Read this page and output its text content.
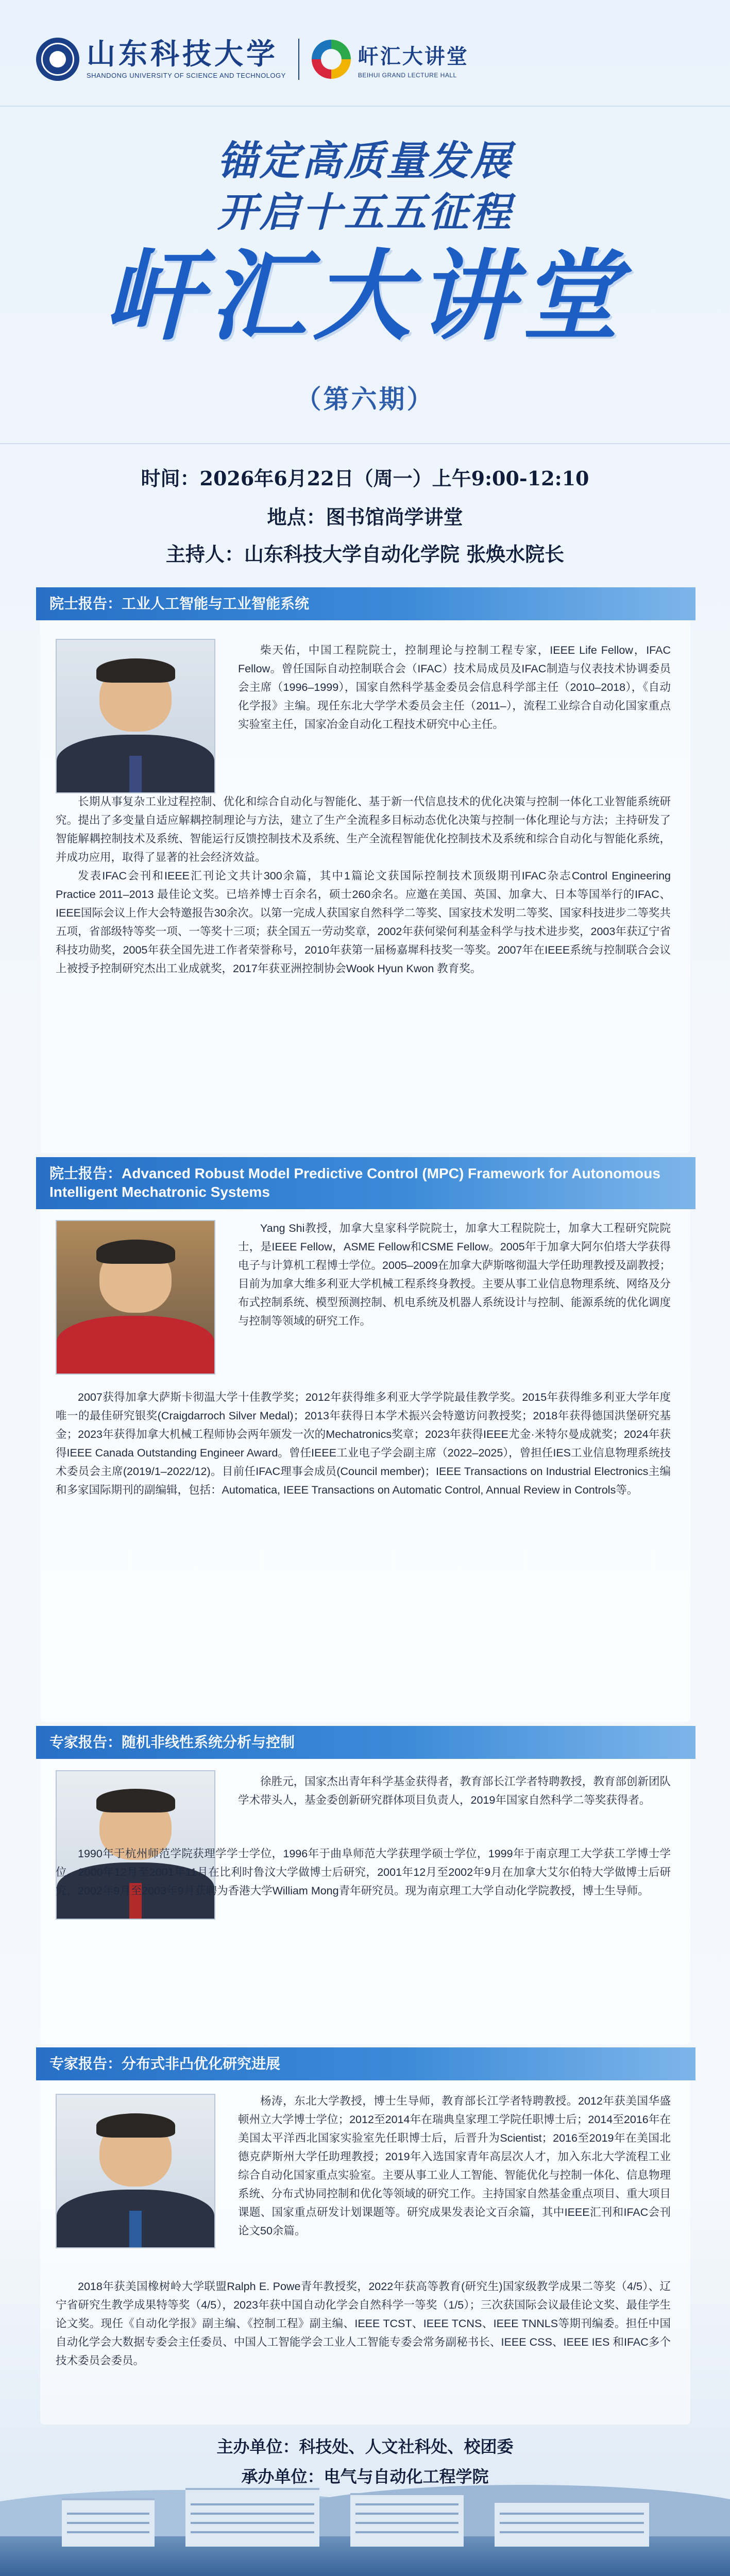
山东科技大学
SHANDONG UNIVERSITY OF SCIENCE AND TECHNOLOGY
屽汇大讲堂
BEIHUI GRAND LECTURE HALL
锚定高质量发展
开启十五五征程
屽汇大讲堂
（第六期）
时间：2026年6月22日（周一）上午9:00-12:10
地点：图书馆尚学讲堂
主持人：山东科技大学自动化学院 张焕水院长
院士报告：工业人工智能与工业智能系统

柴天佑，中国工程院院士，控制理论与控制工程专家，IEEE Life Fellow，IFAC Fellow。曾任国际自动控制联合会（IFAC）技术局成员及IFAC制造与仪表技术协调委员会主席（1996–1999），国家自然科学基金委员会信息科学部主任（2010–2018），《自动化学报》主编。现任东北大学学术委员会主任（2011–），流程工业综合自动化国家重点实验室主任，国家冶金自动化工程技术研究中心主任。

长期从事复杂工业过程控制、优化和综合自动化与智能化、基于新一代信息技术的优化决策与控制一体化工业智能系统研究。提出了多变量自适应解耦控制理论与方法，建立了生产全流程多目标动态优化决策与控制一体化理论与方法；主持研发了智能解耦控制技术及系统、智能运行反馈控制技术及系统、生产全流程智能优化控制技术及系统和综合自动化与智能化系统，并成功应用，取得了显著的社会经济效益。

发表IFAC会刊和IEEE汇刊论文共计300余篇，其中1篇论文获国际控制技术顶级期刊IFAC杂志Control Engineering Practice 2011–2013 最佳论文奖。已培养博士百余名，硕士260余名。应邀在美国、英国、加拿大、日本等国举行的IFAC、IEEE国际会议上作大会特邀报告30余次。以第一完成人获国家自然科学二等奖、国家技术发明二等奖、国家科技进步二等奖共五项，省部级特等奖一项、一等奖十三项；获全国五一劳动奖章，2002年获何梁何利基金科学与技术进步奖，2003年获辽宁省科技功勋奖，2005年获全国先进工作者荣誉称号，2010年获第一届杨嘉墀科技奖一等奖。2007年在IEEE系统与控制联合会议上被授予控制研究杰出工业成就奖，2017年获亚洲控制协会Wook Hyun Kwon 教育奖。

院士报告：Advanced Robust Model Predictive Control (MPC) Framework for Autonomous Intelligent Mechatronic Systems

Yang Shi教授，加拿大皇家科学院院士，加拿大工程院院士，加拿大工程研究院院士，是IEEE Fellow，ASME Fellow和CSME Fellow。2005年于加拿大阿尔伯塔大学获得电子与计算机工程博士学位。2005–2009在加拿大萨斯喀彻温大学任助理教授及副教授；目前为加拿大维多利亚大学机械工程系终身教授。主要从事工业信息物理系统、网络及分布式控制系统、模型预测控制、机电系统及机器人系统设计与控制、能源系统的优化调度与控制等领域的研究工作。

2007获得加拿大萨斯卡彻温大学十佳教学奖；2012年获得维多利亚大学学院最佳教学奖。2015年获得维多利亚大学年度唯一的最佳研究银奖(Craigdarroch Silver Medal)；2013年获得日本学术振兴会特邀访问教授奖；2018年获得德国洪堡研究基金；2023年获得加拿大机械工程师协会两年颁发一次的Mechatronics奖章；2023年获得IEEE尤金·米特尔曼成就奖；2024年获得IEEE Canada Outstanding Engineer Award。曾任IEEE工业电子学会副主席（2022–2025），曾担任IES工业信息物理系统技术委员会主席(2019/1–2022/12)。目前任IFAC理事会成员(Council member)；IEEE Transactions on Industrial Electronics主编和多家国际期刊的副编辑，包括：Automatica, IEEE Transactions on Automatic Control, Annual Review in Controls等。

专家报告：随机非线性系统分析与控制

徐胜元，国家杰出青年科学基金获得者，教育部长江学者特聘教授，教育部创新团队学术带头人，基金委创新研究群体项目负责人，2019年国家自然科学二等奖获得者。

1990年于杭州师范学院获理学学士学位，1996年于曲阜师范大学获理学硕士学位，1999年于南京理工大学获工学博士学位。2000年12月至2001年11月在比利时鲁汶大学做博士后研究，2001年12月至2002年9月在加拿大艾尔伯特大学做博士后研究，2002年9月至2003年9月获聘为香港大学William Mong青年研究员。现为南京理工大学自动化学院教授，博士生导师。

专家报告：分布式非凸优化研究进展

杨涛，东北大学教授，博士生导师，教育部长江学者特聘教授。2012年获美国华盛顿州立大学博士学位；2012至2014年在瑞典皇家理工学院任职博士后；2014至2016年在美国太平洋西北国家实验室先任职博士后，后晋升为Scientist；2016至2019年在美国北德克萨斯州大学任助理教授；2019年入选国家青年高层次人才，加入东北大学流程工业综合自动化国家重点实验室。主要从事工业人工智能、智能优化与控制一体化、信息物理系统、分布式协同控制和优化等领域的研究工作。主持国家自然基金重点项目、重大项目课题、国家重点研发计划课题等。研究成果发表论文百余篇，其中IEEE汇刊和IFAC会刊论文50余篇。

2018年获美国橡树岭大学联盟Ralph E. Powe青年教授奖，2022年获高等教育(研究生)国家级教学成果二等奖（4/5）、辽宁省研究生教学成果特等奖（4/5），2023年获中国自动化学会自然科学一等奖（1/5）；三次获国际会议最佳论文奖、最佳学生论文奖。现任《自动化学报》副主编、《控制工程》副主编、IEEE TCST、IEEE TCNS、IEEE TNNLS等期刊编委。担任中国自动化学会大数据专委会主任委员、中国人工智能学会工业人工智能专委会常务副秘书长、IEEE CSS、IEEE IES 和IFAC多个技术委员会委员。

主办单位：科技处、人文社科处、校团委
承办单位：电气与自动化工程学院
